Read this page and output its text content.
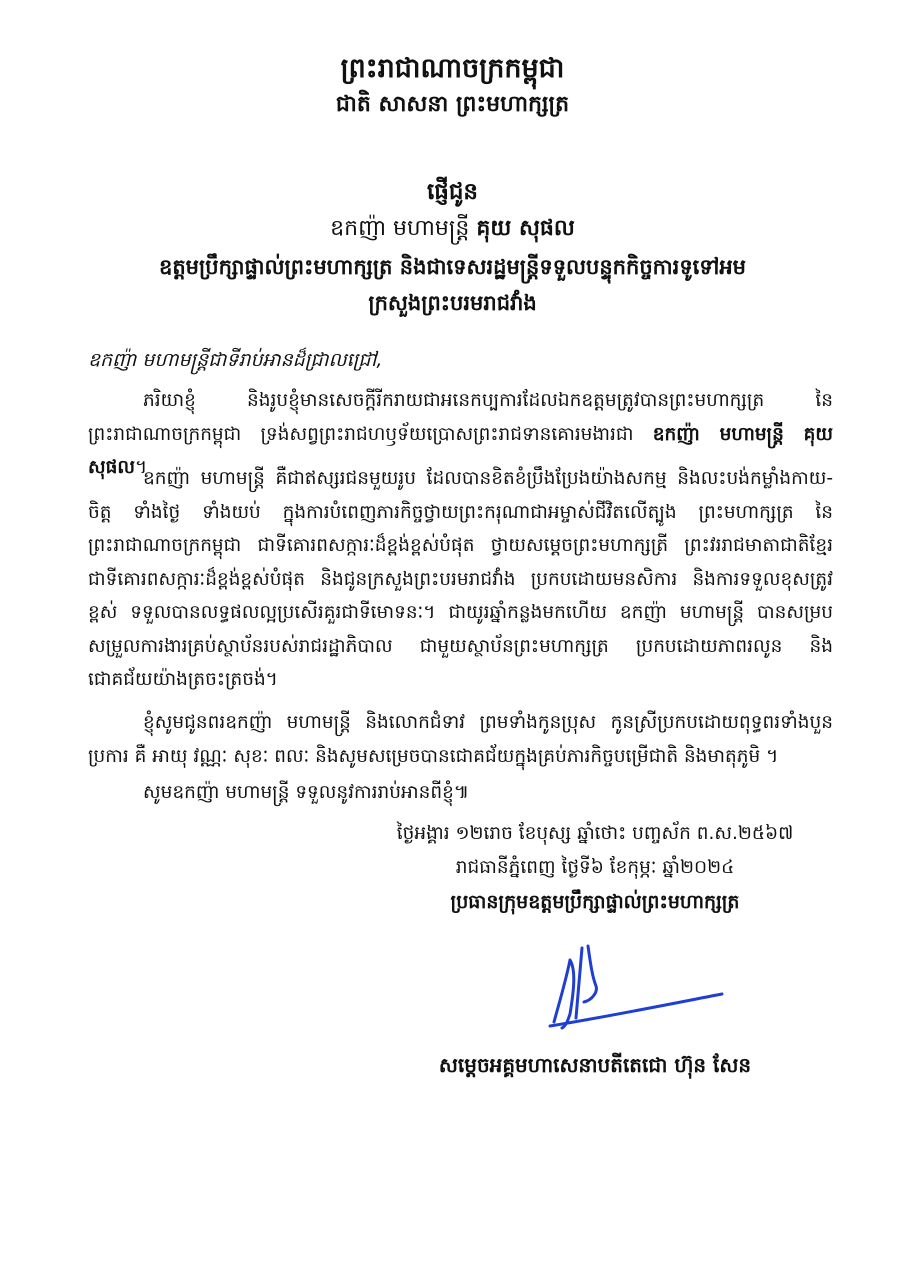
ព្រះរាជាណាចក្រកម្ពុជា
ជាតិ សាសនា ព្រះមហាក្សត្រ
ផ្ញើជូន
ឧកញ៉ា មហាមន្ត្រី គុយ សុផល
ឧត្តមប្រឹក្សាផ្ទាល់ព្រះមហាក្សត្រ និងជាទេសរដ្ឋមន្ត្រីទទួលបន្ទុកកិច្ចការទូទៅអម
ក្រសួងព្រះបរមរាជវាំង
ឧកញ៉ា មហាមន្ត្រីជាទីរាប់អានដ៏ជ្រាលជ្រៅ,
ភរិយាខ្ញុំ និងរូបខ្ញុំមានសេចក្តីរីករាយជាអនេកប្បការដែលឯកឧត្តមត្រូវបានព្រះមហាក្សត្រ នៃព្រះរាជាណាចក្រកម្ពុជា ទ្រង់សព្វព្រះរាជហឫទ័យប្រោសព្រះរាជទានគោរមងារជា ឧកញ៉ា មហាមន្ត្រី គុយ សុផល។
ឧកញ៉ា មហាមន្ត្រី គឺជាឥស្សរជនមួយរូប ដែលបានខិតខំប្រឹងប្រែងយ៉ាងសកម្ម និងលះបង់កម្លាំងកាយ-ចិត្ត ទាំងថ្ងៃ ទាំងយប់ ក្នុងការបំពេញភារកិច្ចថ្វាយព្រះករុណាជាអម្ចាស់ជីវិតលើត្បូង ព្រះមហាក្សត្រ នៃព្រះរាជាណាចក្រកម្ពុជា ជាទីគោរពសក្ការៈដ៏ខ្ពង់ខ្ពស់បំផុត ថ្វាយសម្តេចព្រះមហាក្សត្រី ព្រះវររាជមាតាជាតិខ្មែរ ជាទីគោរពសក្ការៈដ៏ខ្ពង់ខ្ពស់បំផុត និងជូនក្រសួងព្រះបរមរាជវាំង ប្រកបដោយមនសិការ និងការទទួលខុសត្រូវខ្ពស់ ទទួលបានលទ្ធផលល្អប្រសើរគួរជាទីមោទនៈ។ ជាយូរឆ្នាំកន្លងមកហើយ ឧកញ៉ា មហាមន្ត្រី បានសម្របសម្រួលការងារគ្រប់ស្ថាប័នរបស់រាជរដ្ឋាភិបាល ជាមួយស្ថាប័នព្រះមហាក្សត្រ ប្រកបដោយភាពរលូន និងជោគជ័យយ៉ាងត្រចះត្រចង់។
ខ្ញុំសូមជូនពរឧកញ៉ា មហាមន្ត្រី និងលោកជំទាវ ព្រមទាំងកូនប្រុស កូនស្រីប្រកបដោយពុទ្ធពរទាំងបួនប្រការ គឺ អាយុ វណ្ណៈ សុខៈ ពលៈ និងសូមសម្រេចបានជោគជ័យក្នុងគ្រប់ភារកិច្ចបម្រើជាតិ និងមាតុភូមិ ។
សូមឧកញ៉ា មហាមន្ត្រី ទទួលនូវការរាប់អានពីខ្ញុំ៕
ថ្ងៃអង្គារ ១២រោច ខែបុស្ស ឆ្នាំថោះ បញ្ចស័ក ព.ស.២៥៦៧
រាជធានីភ្នំពេញ ថ្ងៃទី៦ ខែកុម្ភៈ ឆ្នាំ២០២៤
ប្រធានក្រុមឧត្តមប្រឹក្សាផ្ទាល់ព្រះមហាក្សត្រ
សម្តេចអគ្គមហាសេនាបតីតេជោ ហ៊ុន សែន
